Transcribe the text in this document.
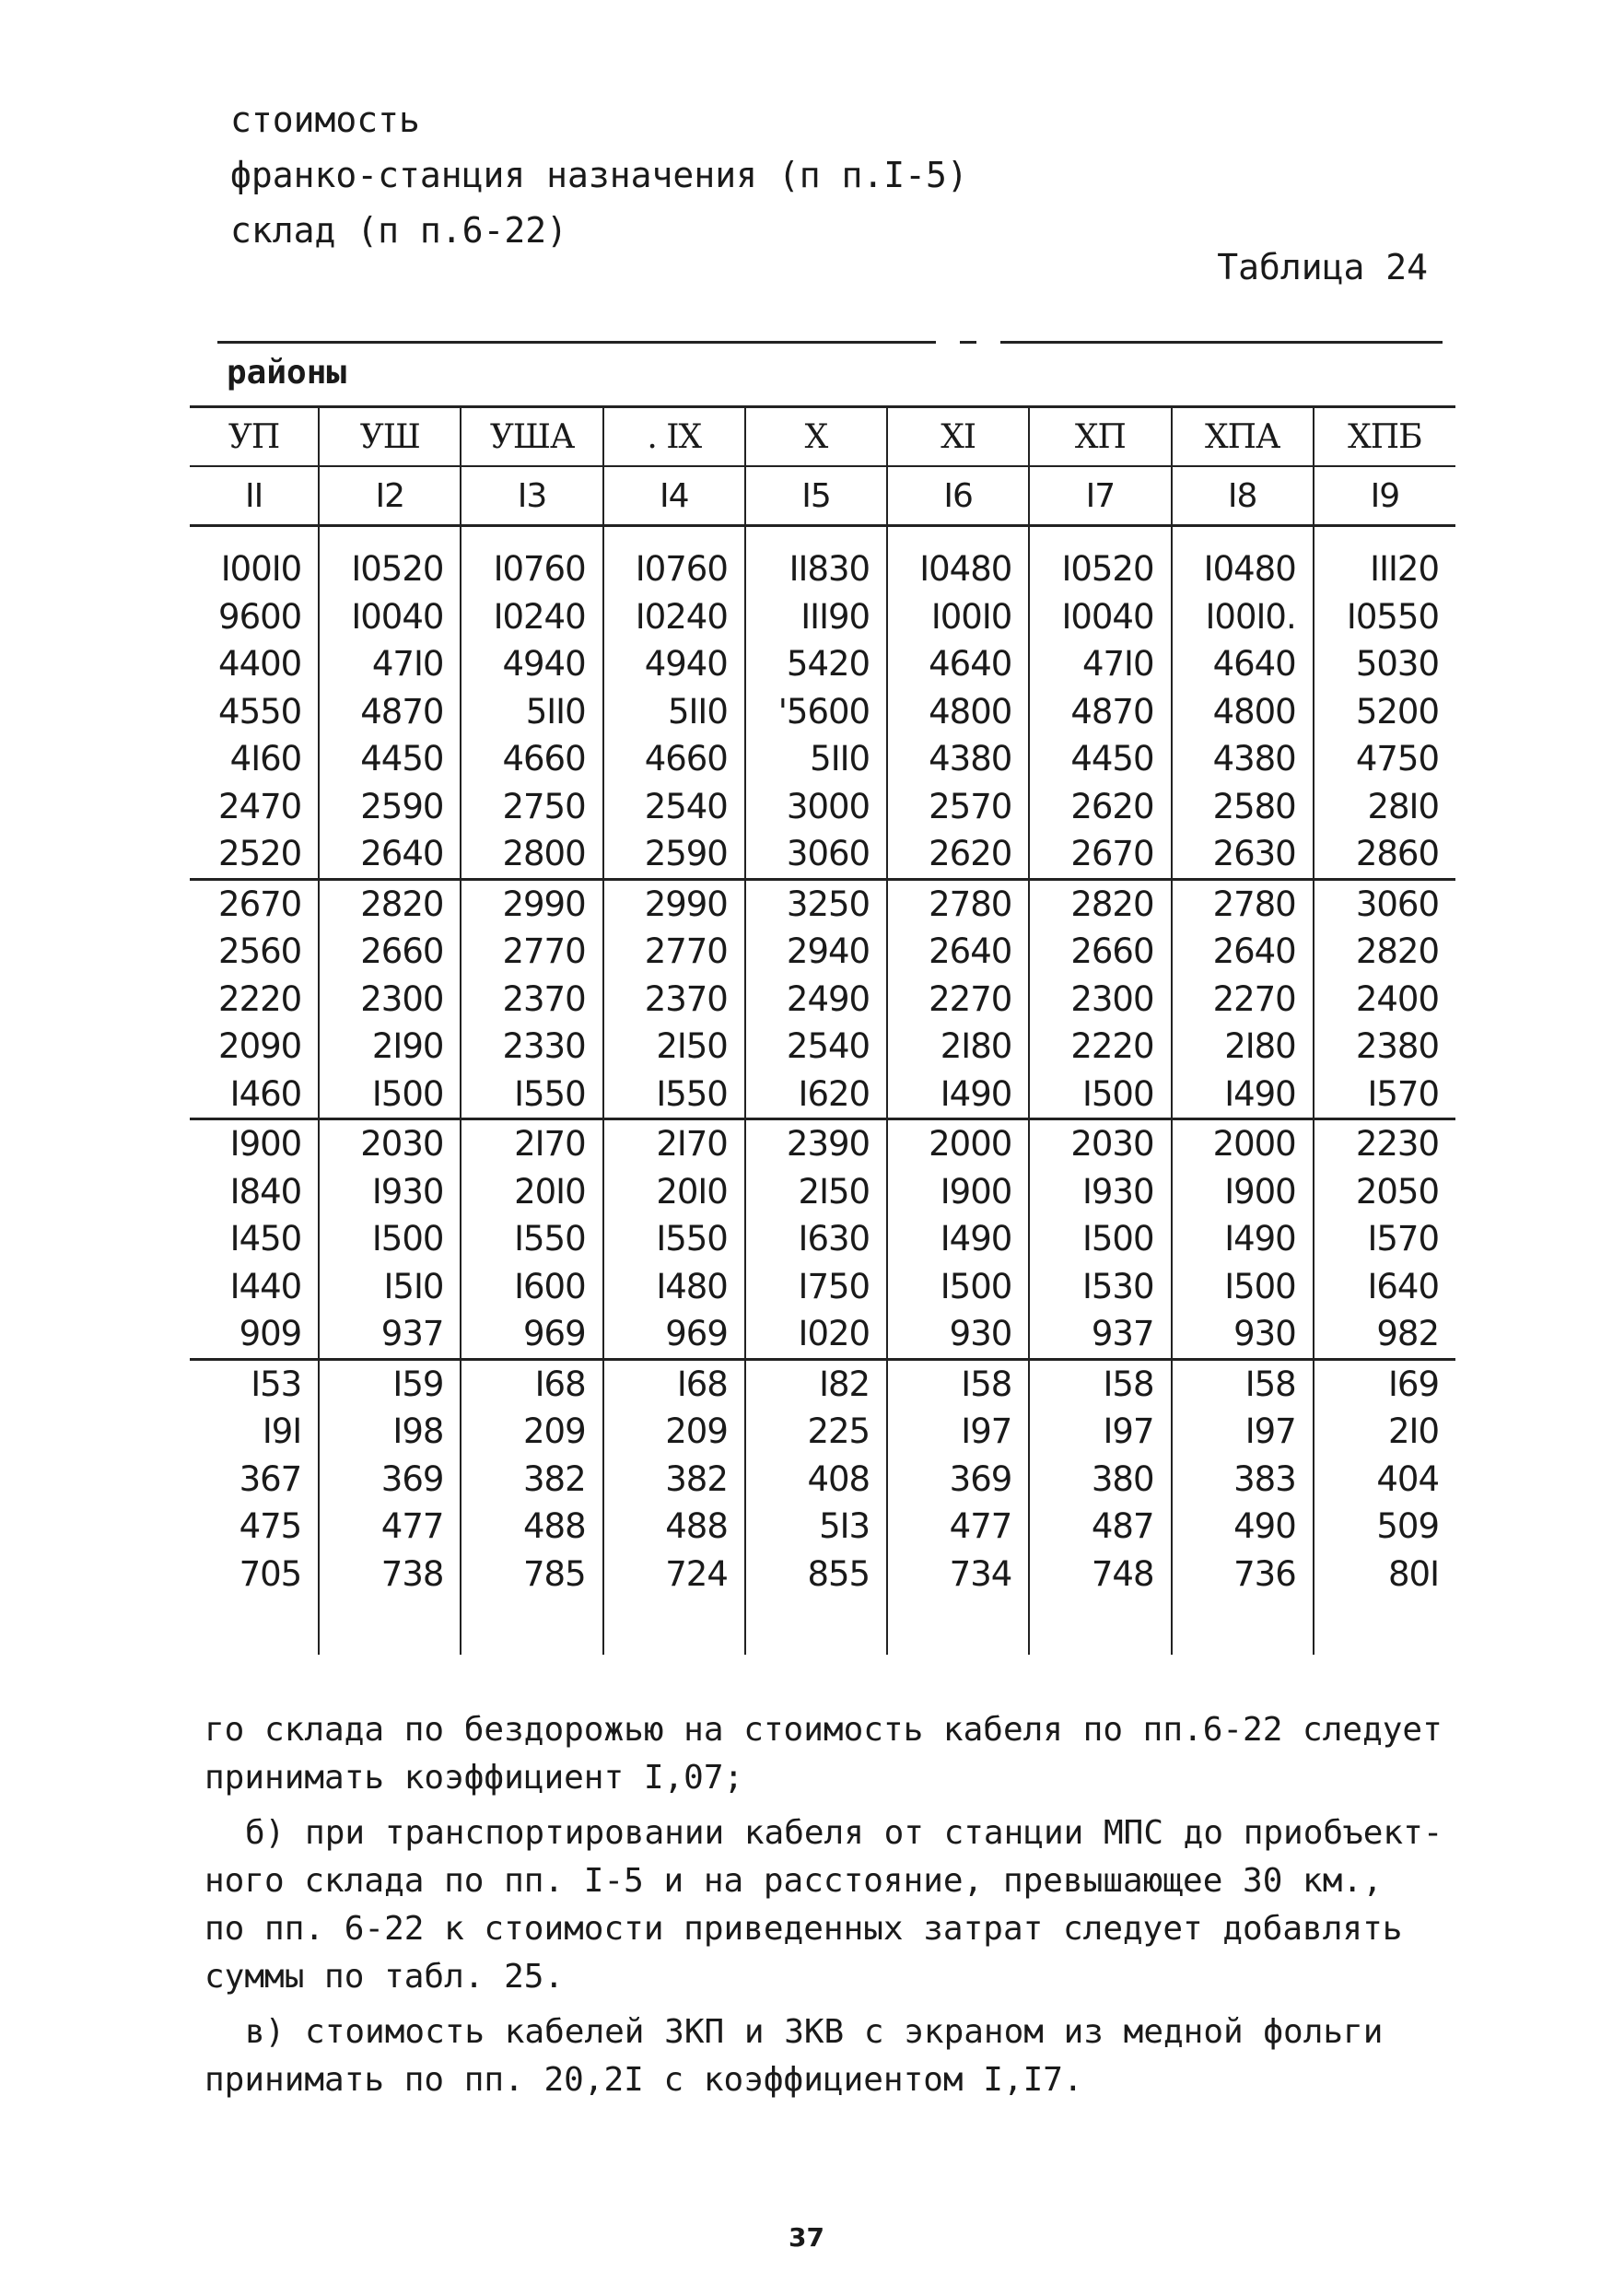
стоимость
франко-станция назначения (п п.I-5)
склад (п п.6-22)
Таблица 24
районы
УП	УШ	УША	. IX	X	XI	ХП	ХПА	ХПБ
II	I2	I3	I4	I5	I6	I7	I8	I9

I00I0	I0520	I0760	I0760	II830	I0480	I0520	I0480	III20
9600	I0040	I0240	I0240	III90	I00I0	I0040	I00I0.	I0550
4400	47I0	4940	4940	5420	4640	47I0	4640	5030
4550	4870	5II0	5II0	'5600	4800	4870	4800	5200
4I60	4450	4660	4660	5II0	4380	4450	4380	4750
2470	2590	2750	2540	3000	2570	2620	2580	28I0
2520	2640	2800	2590	3060	2620	2670	2630	2860
2670	2820	2990	2990	3250	2780	2820	2780	3060
2560	2660	2770	2770	2940	2640	2660	2640	2820
2220	2300	2370	2370	2490	2270	2300	2270	2400
2090	2I90	2330	2I50	2540	2I80	2220	2I80	2380
I460	I500	I550	I550	I620	I490	I500	I490	I570
I900	2030	2I70	2I70	2390	2000	2030	2000	2230
I840	I930	20I0	20I0	2I50	I900	I930	I900	2050
I450	I500	I550	I550	I630	I490	I500	I490	I570
I440	I5I0	I600	I480	I750	I500	I530	I500	I640
909	937	969	969	I020	930	937	930	982
I53	I59	I68	I68	I82	I58	I58	I58	I69
I9I	I98	209	209	225	I97	I97	I97	2I0
367	369	382	382	408	369	380	383	404
475	477	488	488	5I3	477	487	490	509
705	738	785	724	855	734	748	736	80I

го склада по бездорожью на стоимость кабеля по пп.6-22 следует

принимать коэффициент I,07;

б) при транспортировании кабеля от станции МПС до приобъект-

ного склада по пп. I-5 и на расстояние, превышающее 30 км.,

по пп. 6-22 к стоимости приведенных затрат следует добавлять

суммы по табл. 25.

в) стоимость кабелей ЗКП и ЗКВ с экраном из медной фольги

принимать по пп. 20,2I с коэффициентом I,I7.

37
